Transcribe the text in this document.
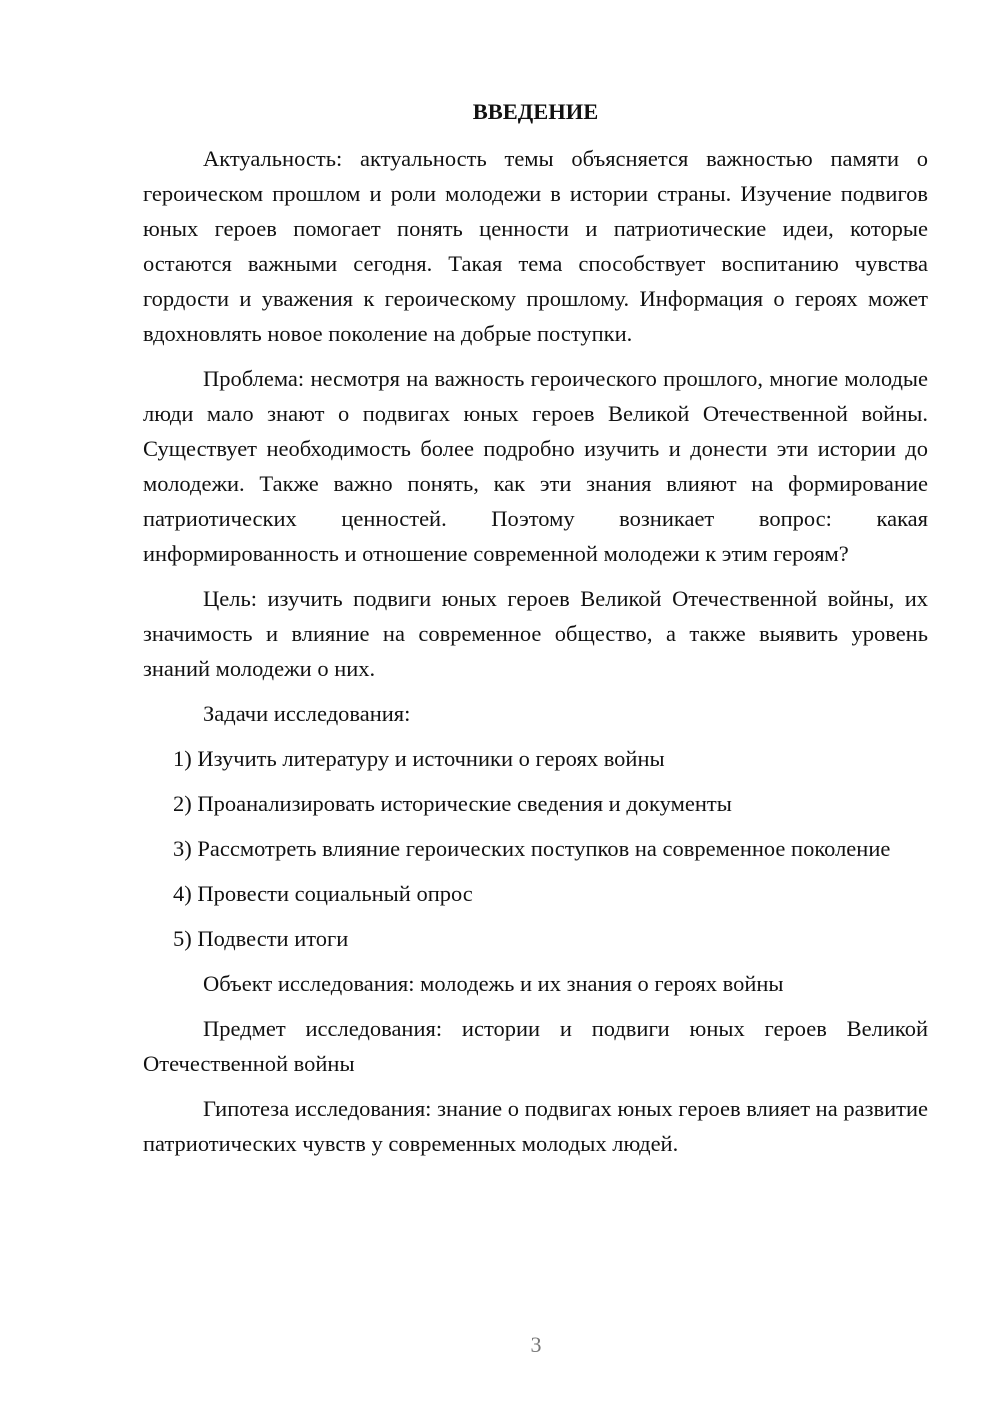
ВВЕДЕНИЕ

Актуальность: актуальность темы объясняется важностью памяти о героическом прошлом и роли молодежи в истории страны. Изучение подвигов юных героев помогает понять ценности и патриотические идеи, которые остаются важными сегодня. Такая тема способствует воспитанию чувства гордости и уважения к героическому прошлому. Информация о героях может вдохновлять новое поколение на добрые поступки.

Проблема: несмотря на важность героического прошлого, многие молодые люди мало знают о подвигах юных героев Великой Отечественной войны. Существует необходимость более подробно изучить и донести эти истории до молодежи. Также важно понять, как эти знания влияют на формирование патриотических ценностей. Поэтому возникает вопрос: какая информированность и отношение современной молодежи к этим героям?

Цель: изучить подвиги юных героев Великой Отечественной войны, их значимость и влияние на современное общество, а также выявить уровень знаний молодежи о них.

Задачи исследования:

1) Изучить литературу и источники о героях войны

2) Проанализировать исторические сведения и документы

3) Рассмотреть влияние героических поступков на современное поколение

4) Провести социальный опрос

5) Подвести итоги

Объект исследования: молодежь и их знания о героях войны

Предмет исследования: истории и подвиги юных героев Великой Отечественной войны

Гипотеза исследования: знание о подвигах юных героев влияет на развитие патриотических чувств у современных молодых людей.

3
